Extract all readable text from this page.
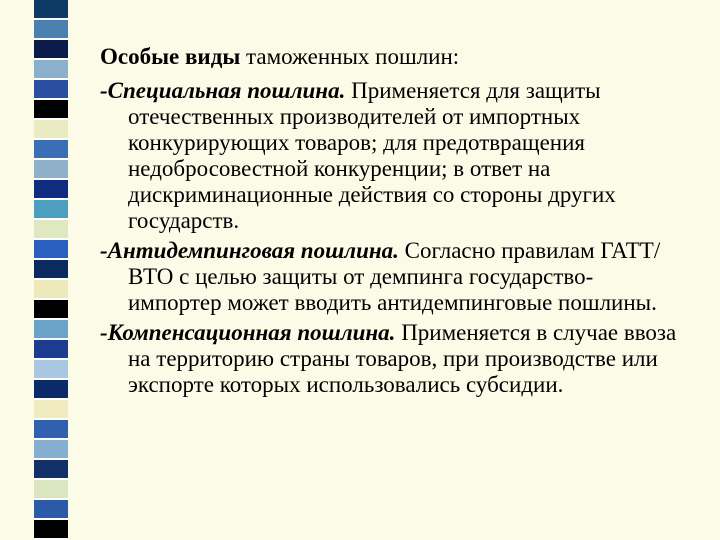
Особые виды таможенных пошлин:

-Специальная пошлина. Применяется для защиты отечественных производителей от импортных конкурирующих товаров; для предотвращения недобросовестной конкуренции; в ответ на дискриминационные действия со стороны других государств.

-Антидемпинговая пошлина. Согласно правилам ГАТТ/ВТО с целью защиты от демпинга государство-импортер может вводить антидемпинговые пошлины.

-Компенсационная пошлина. Применяется в случае ввоза на территорию страны товаров, при производстве или экспорте которых использовались субсидии.
